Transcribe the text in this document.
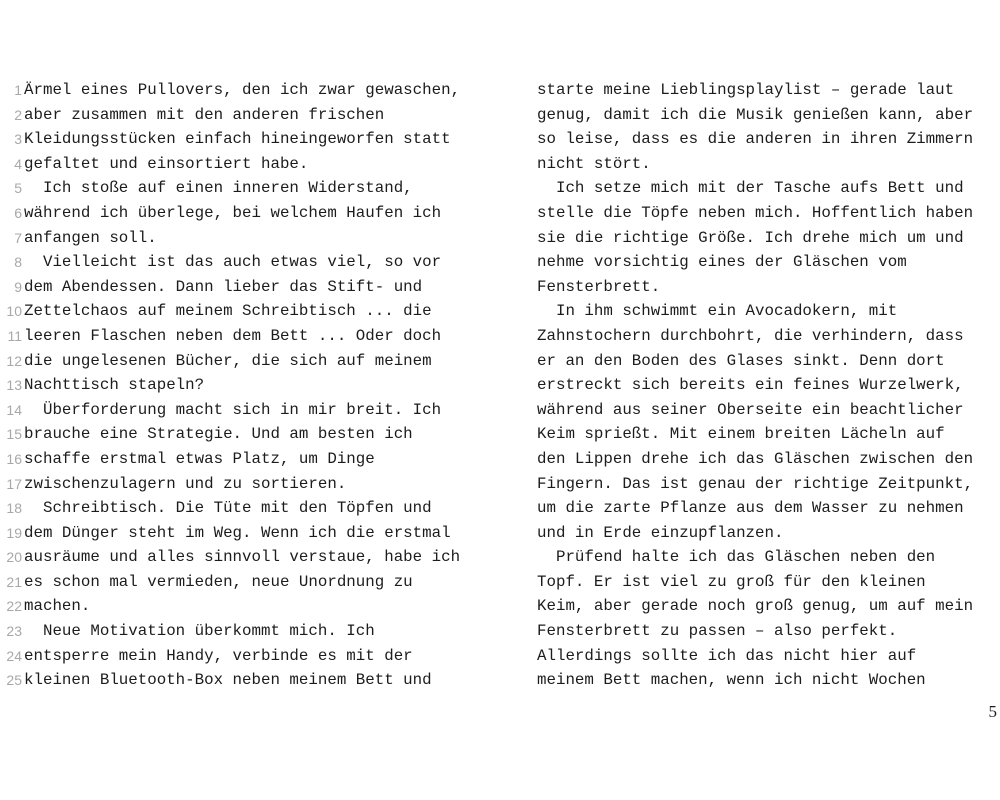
1 Ärmel eines Pullovers, den ich zwar gewaschen,
2 aber zusammen mit den anderen frischen
3 Kleidungsstücken einfach hineingeworfen statt
4 gefaltet und einsortiert habe.
5 Ich stoße auf einen inneren Widerstand,
6 während ich überlege, bei welchem Haufen ich
7 anfangen soll.
8 Vielleicht ist das auch etwas viel, so vor
9 dem Abendessen. Dann lieber das Stift- und
10 Zettelchaos auf meinem Schreibtisch ... die
11 leeren Flaschen neben dem Bett ... Oder doch
12 die ungelesenen Bücher, die sich auf meinem
13 Nachttisch stapeln?
14 Überforderung macht sich in mir breit. Ich
15 brauche eine Strategie. Und am besten ich
16 schaffe erstmal etwas Platz, um Dinge
17 zwischenzulagern und zu sortieren.
18 Schreibtisch. Die Tüte mit den Töpfen und
19 dem Dünger steht im Weg. Wenn ich die erstmal
20 ausräume und alles sinnvoll verstaue, habe ich
21 es schon mal vermieden, neue Unordnung zu
22 machen.
23 Neue Motivation überkommt mich. Ich
24 entsperre mein Handy, verbinde es mit der
25 kleinen Bluetooth-Box neben meinem Bett und
starte meine Lieblingsplaylist – gerade laut
genug, damit ich die Musik genießen kann, aber
so leise, dass es die anderen in ihren Zimmern
nicht stört.
Ich setze mich mit der Tasche aufs Bett und
stelle die Töpfe neben mich. Hoffentlich haben
sie die richtige Größe. Ich drehe mich um und
nehme vorsichtig eines der Gläschen vom
Fensterbrett.
In ihm schwimmt ein Avocadokern, mit
Zahnstochern durchbohrt, die verhindern, dass
er an den Boden des Glases sinkt. Denn dort
erstreckt sich bereits ein feines Wurzelwerk,
während aus seiner Oberseite ein beachtlicher
Keim sprießt. Mit einem breiten Lächeln auf
den Lippen drehe ich das Gläschen zwischen den
Fingern. Das ist genau der richtige Zeitpunkt,
um die zarte Pflanze aus dem Wasser zu nehmen
und in Erde einzupflanzen.
Prüfend halte ich das Gläschen neben den
Topf. Er ist viel zu groß für den kleinen
Keim, aber gerade noch groß genug, um auf mein
Fensterbrett zu passen – also perfekt.
Allerdings sollte ich das nicht hier auf
meinem Bett machen, wenn ich nicht Wochen
5
